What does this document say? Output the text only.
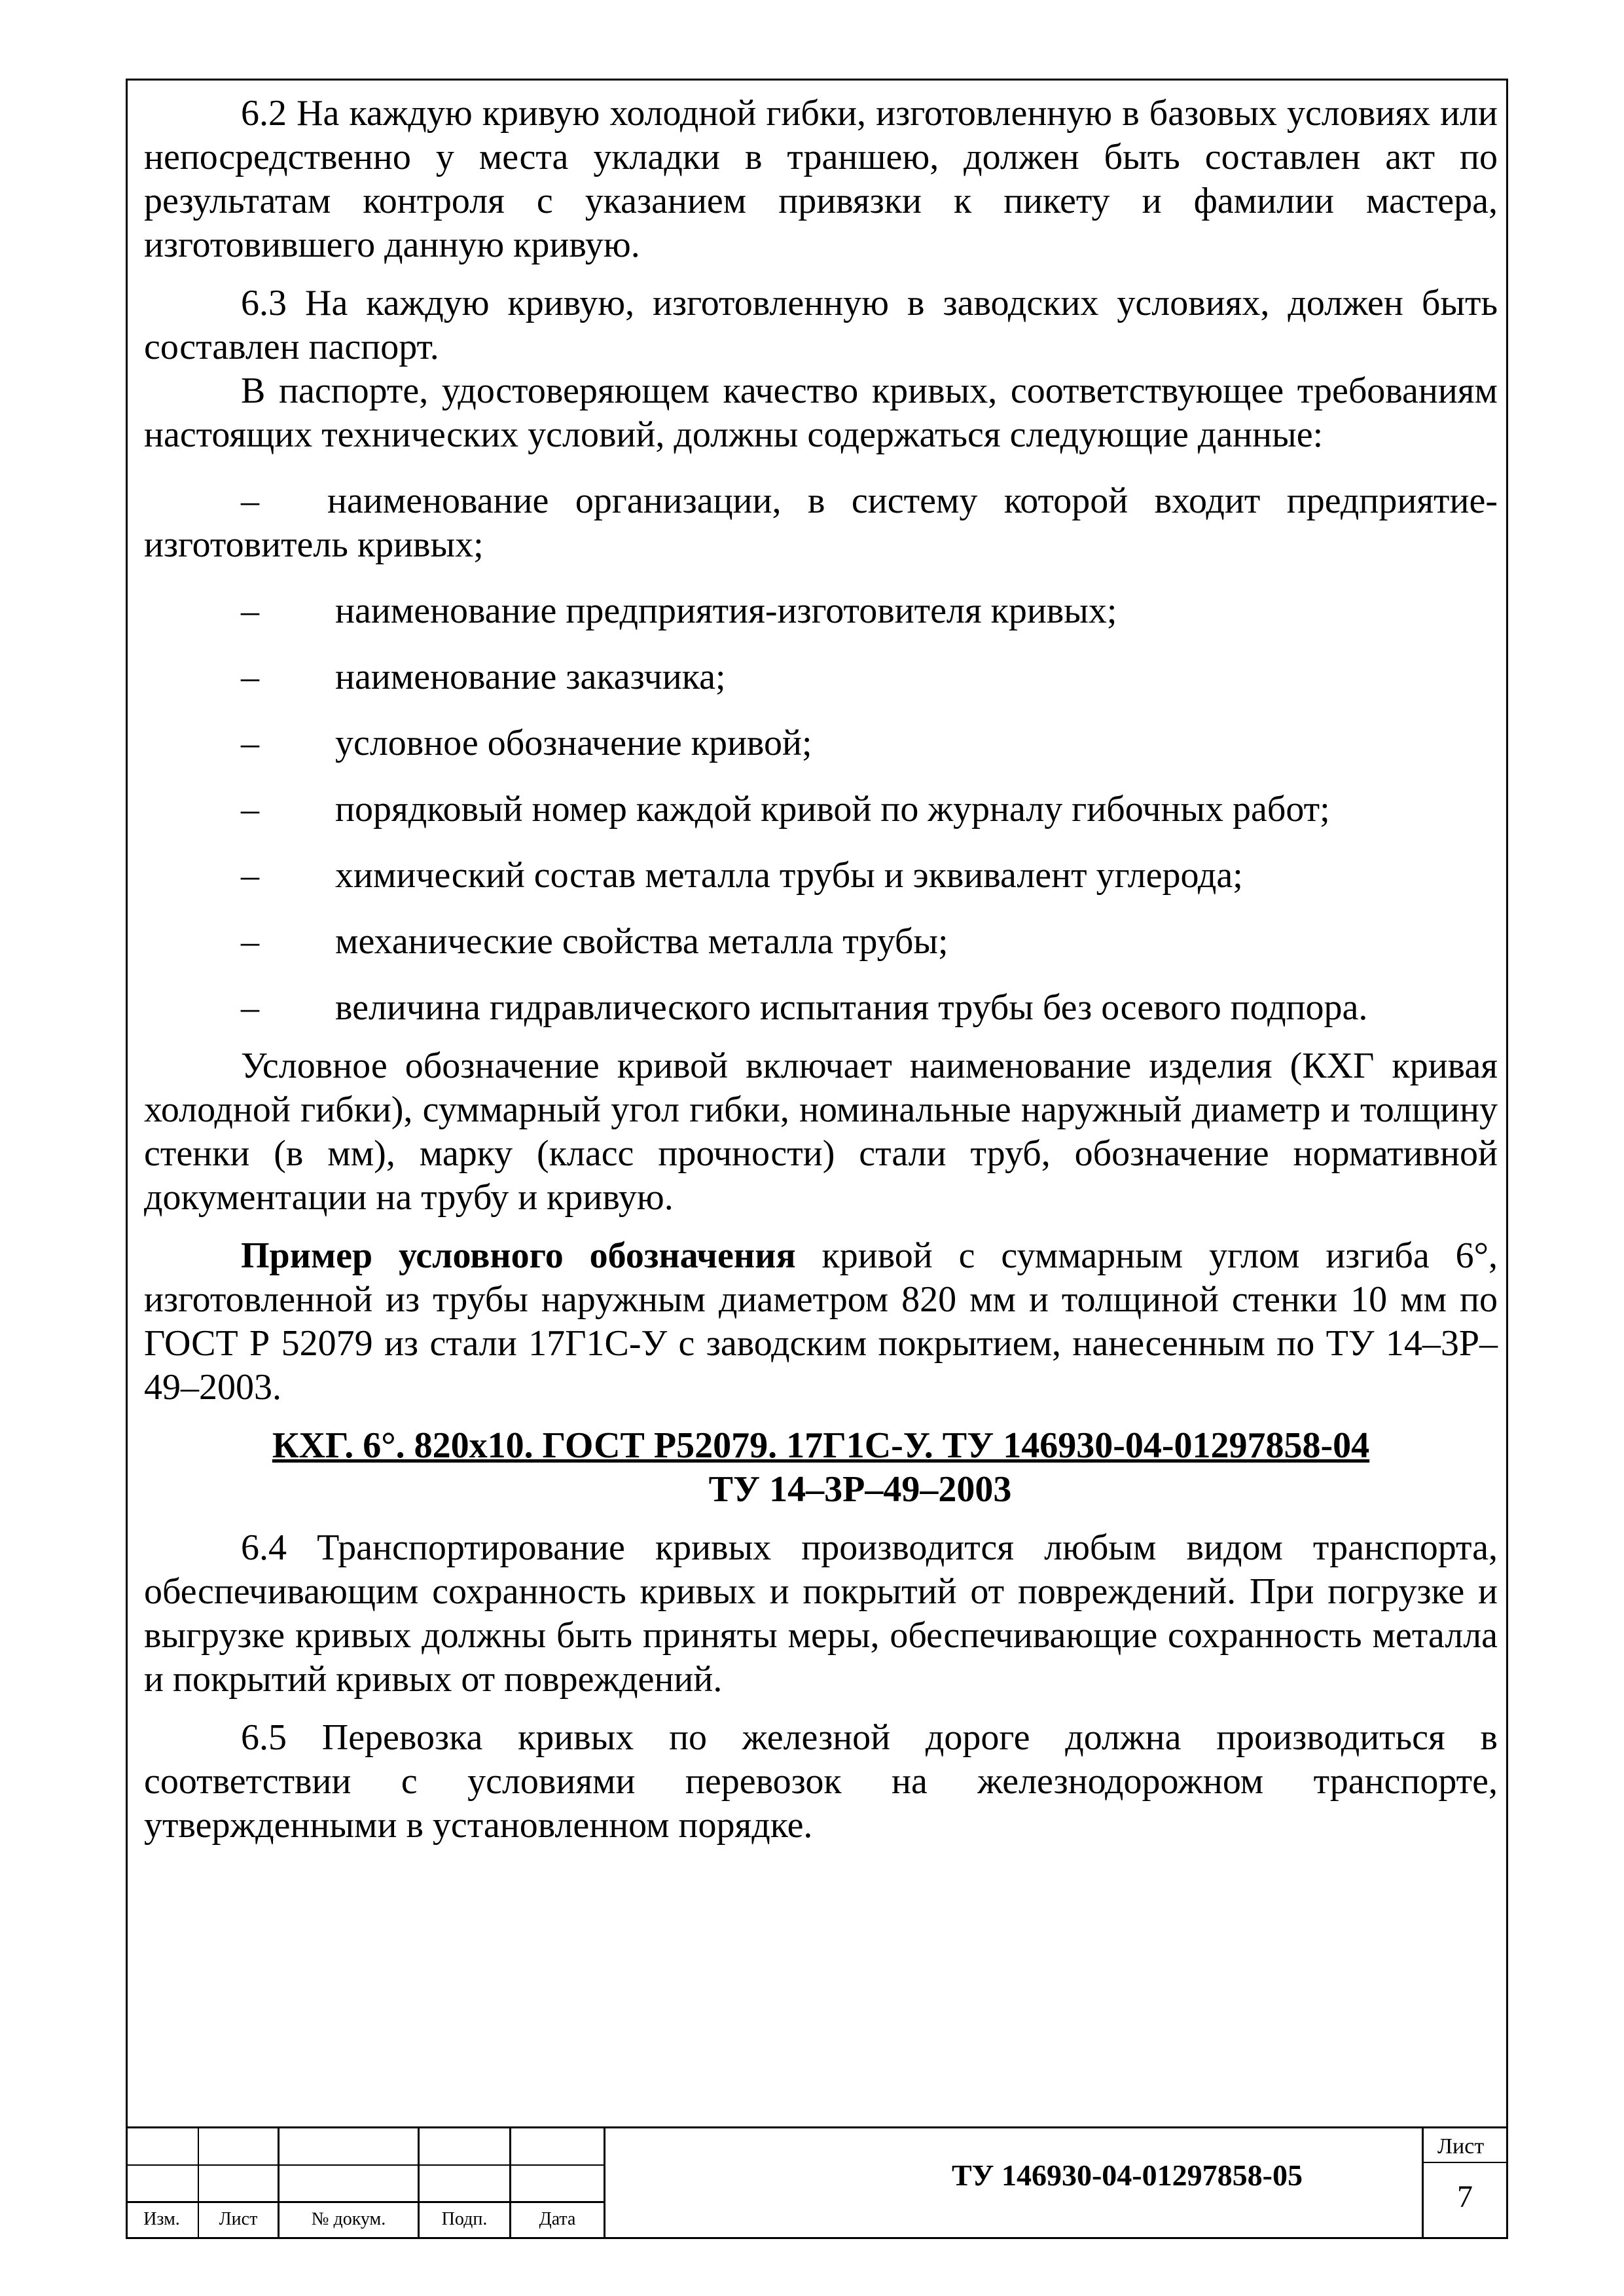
6.2 На каждую кривую холодной гибки, изготовленную в базовых условиях или непосредственно у места укладки в траншею, должен быть составлен акт по результатам контроля с указанием привязки к пикету и фамилии мастера, изготовившего данную кривую.

6.3 На каждую кривую, изготовленную в заводских условиях, должен быть составлен паспорт.

В паспорте, удостоверяющем качество кривых, соответствующее требованиям настоящих технических условий, должны содержаться следующие данные:

– наименование организации, в систему которой входит предприятие-изготовитель кривых;

– наименование предприятия-изготовителя кривых;

– наименование заказчика;

– условное обозначение кривой;

– порядковый номер каждой кривой по журналу гибочных работ;

– химический состав металла трубы и эквивалент углерода;

– механические свойства металла трубы;

– величина гидравлического испытания трубы без осевого подпора.

Условное обозначение кривой включает наименование изделия (КХГ кривая холодной гибки), суммарный угол гибки, номинальные наружный диаметр и толщину стенки (в мм), марку (класс прочности) стали труб, обозначение нормативной документации на трубу и кривую.

Пример условного обозначения кривой с суммарным углом изгиба 6°, изготовленной из трубы наружным диаметром 820 мм и толщиной стенки 10 мм по ГОСТ Р 52079 из стали 17Г1С-У с заводским покрытием, нанесенным по ТУ 14–3Р–49–2003.

КХГ. 6°. 820х10. ГОСТ Р52079. 17Г1С-У. ТУ 146930-04-01297858-04

ТУ 14–3Р–49–2003

6.4 Транспортирование кривых производится любым видом транспорта, обеспечивающим сохранность кривых и покрытий от повреждений. При погрузке и выгрузке кривых должны быть приняты меры, обеспечивающие сохранность металла и покрытий кривых от повреждений.

6.5 Перевозка кривых по железной дороге должна производиться в соответствии с условиями перевозок на железнодорожном транспорте, утвержденными в установленном порядке.

Изм.	Лист	№ докум.	Подп.	Дата
ТУ 146930-04-01297858-05
Лист
7
